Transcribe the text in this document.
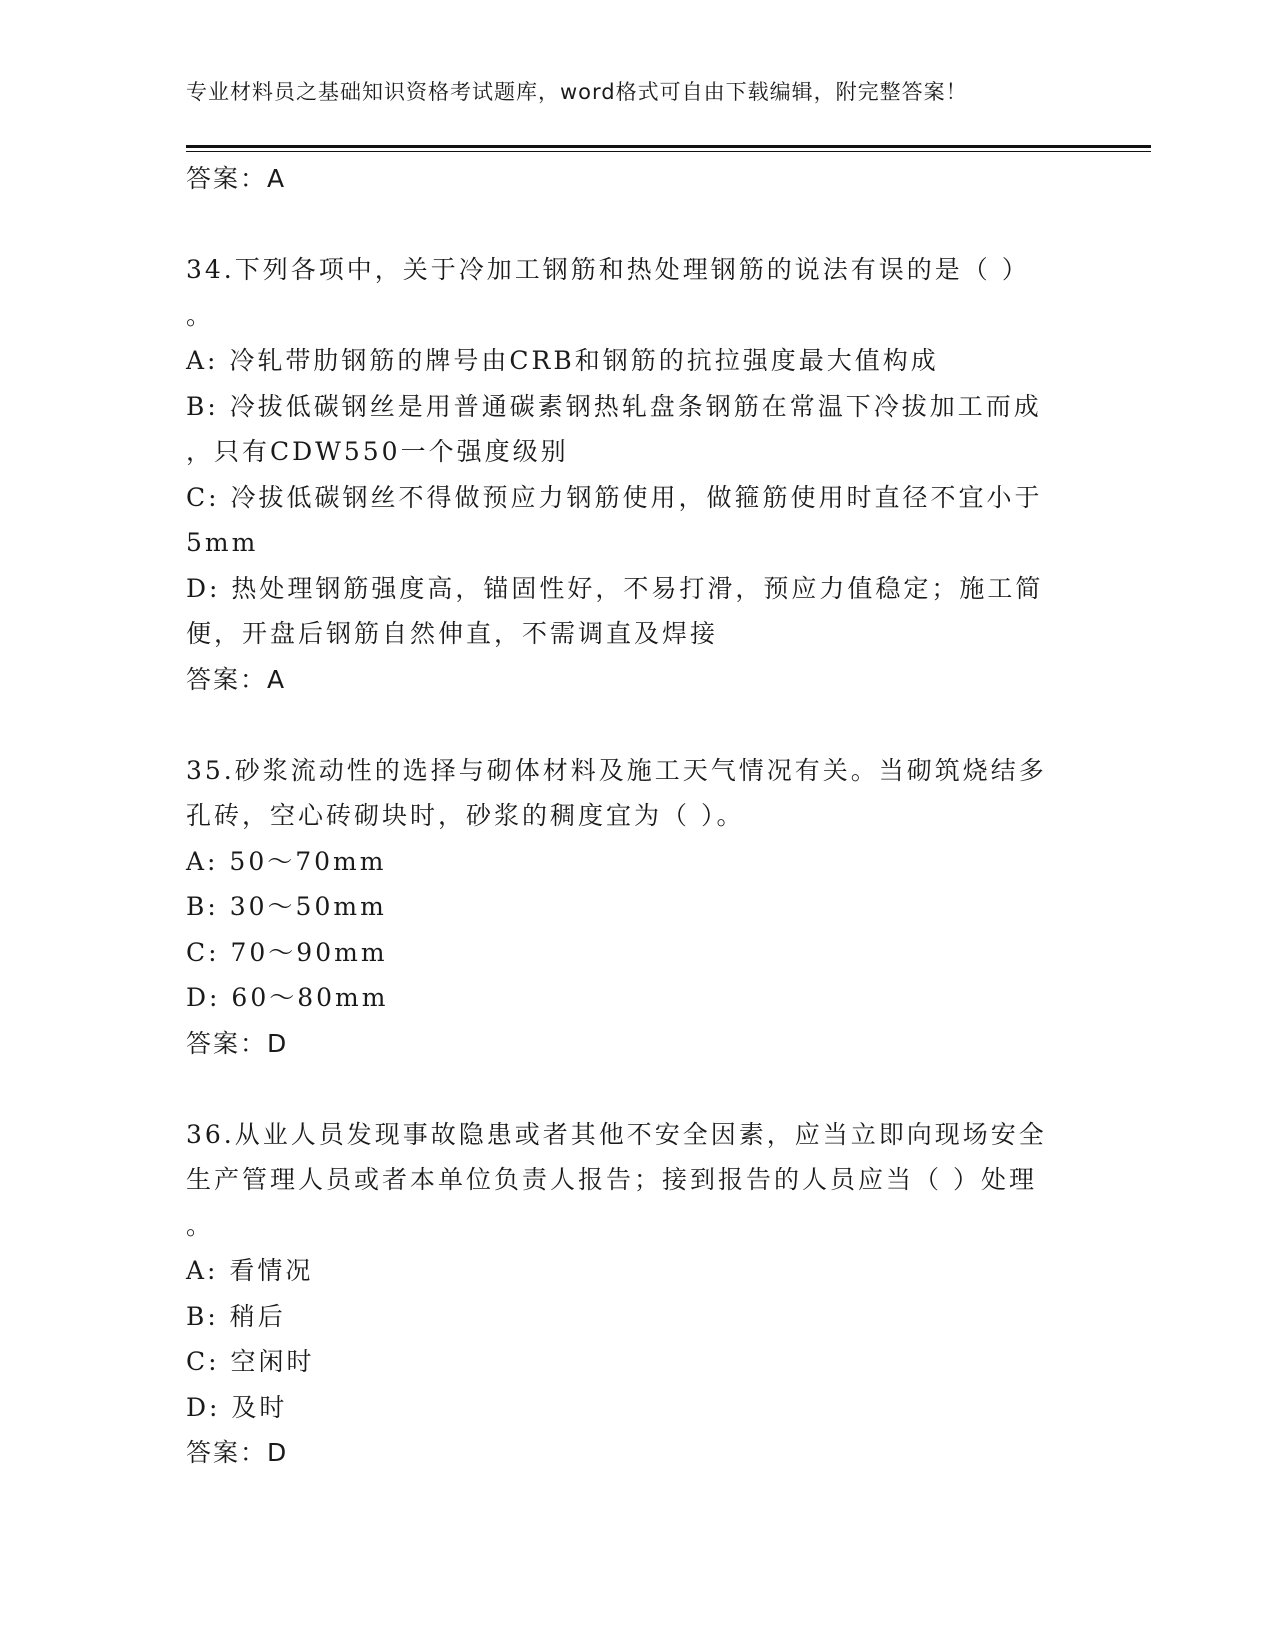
专业材料员之基础知识资格考试题库，word格式可自由下载编辑，附完整答案！
答案：A
34.下列各项中，关于冷加工钢筋和热处理钢筋的说法有误的是（ ）
。
A: 冷轧带肋钢筋的牌号由CRB和钢筋的抗拉强度最大值构成
B: 冷拔低碳钢丝是用普通碳素钢热轧盘条钢筋在常温下冷拔加工而成
，只有CDW550一个强度级别
C: 冷拔低碳钢丝不得做预应力钢筋使用，做箍筋使用时直径不宜小于
5mm
D: 热处理钢筋强度高，锚固性好，不易打滑，预应力值稳定；施工简
便，开盘后钢筋自然伸直，不需调直及焊接
答案：A
35.砂浆流动性的选择与砌体材料及施工天气情况有关。当砌筑烧结多
孔砖，空心砖砌块时，砂浆的稠度宜为（ ）。
A: 50～70mm
B: 30～50mm
C: 70～90mm
D: 60～80mm
答案：D
36.从业人员发现事故隐患或者其他不安全因素，应当立即向现场安全
生产管理人员或者本单位负责人报告；接到报告的人员应当（ ）处理
。
A: 看情况
B: 稍后
C: 空闲时
D: 及时
答案：D
